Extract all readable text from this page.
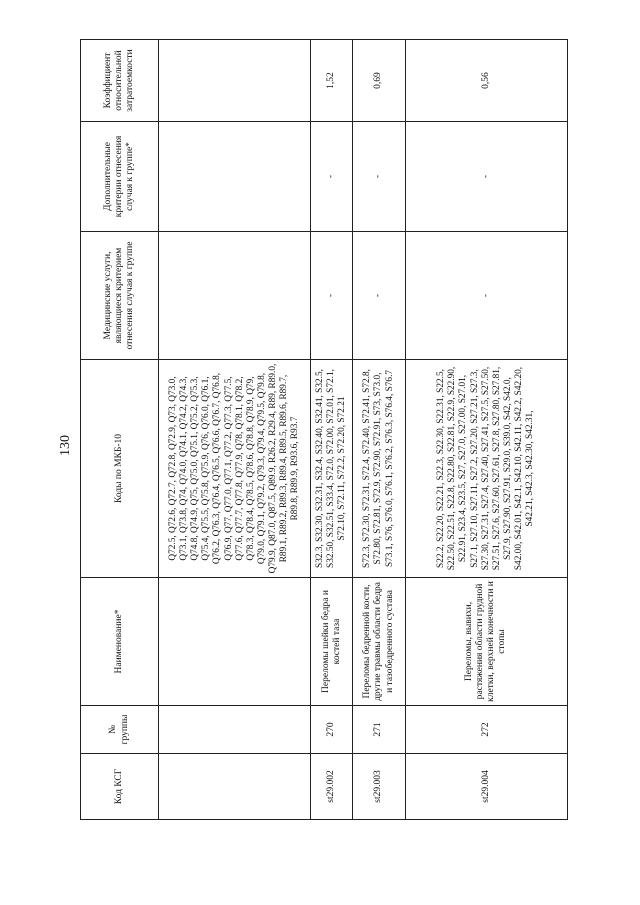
130
Код КСГ	№ группы	Наименование*	Коды по МКБ-10	Медицинские услуги, являющиеся критерием отнесения случая к группе	Дополнительные критерии отнесения случая к группе*	Коэффициент относительной затратоемкости
			Q72.5, Q72.6, Q72.7, Q72.8, Q72.9, Q73, Q73.0, Q73.1, Q73.8, Q74, Q74.0, Q74.1, Q74.2, Q74.3, Q74.8, Q74.9, Q75, Q75.0, Q75.1, Q75.2, Q75.3, Q75.4, Q75.5, Q75.8, Q75.9, Q76, Q76.0, Q76.1, Q76.2, Q76.3, Q76.4, Q76.5, Q76.6, Q76.7, Q76.8, Q76.9, Q77, Q77.0, Q77.1, Q77.2, Q77.3, Q77.5, Q77.6, Q77.7, Q77.8, Q77.9, Q78, Q78.1, Q78.2, Q78.3, Q78.4, Q78.5, Q78.6, Q78.8, Q78.9, Q79, Q79.0, Q79.1, Q79.2, Q79.3, Q79.4, Q79.5, Q79.8, Q79.9, Q87.0, Q87.5, Q89.9, R26.2, R29.4, R89, R89.0, R89.1, R89.2, R89.3, R89.4, R89.5, R89.6, R89.7, R89.8, R89.9, R93.6, R93.7			
st29.002	270	Переломы шейки бедра и костей таза	S32.3, S32.30, S32.31, S32.4, S32.40, S32.41, S32.5, S32.50, S32.51, S33.4, S72.0, S72.00, S72.01, S72.1, S72.10, S72.11, S72.2, S72.20, S72.21	-	-	1,52
st29.003	271	Переломы бедренной кости, другие травмы области бедра и тазобедренного сустава	S72.3, S72.30, S72.31, S72.4, S72.40, S72.41, S72.8, S72.80, S72.81, S72.9, S72.90, S72.91, S73, S73.0, S73.1, S76, S76.0, S76.1, S76.2, S76.3, S76.4, S76.7	-	-	0,69
st29.004	272	Переломы, вывихи, растяжения области грудной клетки, верхней конечности и стопы	S22.2, S22.20, S22.21, S22.3, S22.30, S22.31, S22.5, S22.50, S22.51, S22.8, S22.80, S22.81, S22.9, S22.90, S22.91, S23.4, S23.5, S27, S27.0, S27.00, S27.01, S27.1, S27.10, S27.11, S27.2, S27.20, S27.21, S27.3, S27.30, S27.31, S27.4, S27.40, S27.41, S27.5, S27.50, S27.51, S27.6, S27.60, S27.61, S27.8, S27.80, S27.81, S27.9, S27.90, S27.91, S29.0, S39.0, S42, S42.0, S42.00, S42.01, S42.1, S42.10, S42.11, S42.2, S42.20, S42.21, S42.3, S42.30, S42.31,	-	-	0,56
